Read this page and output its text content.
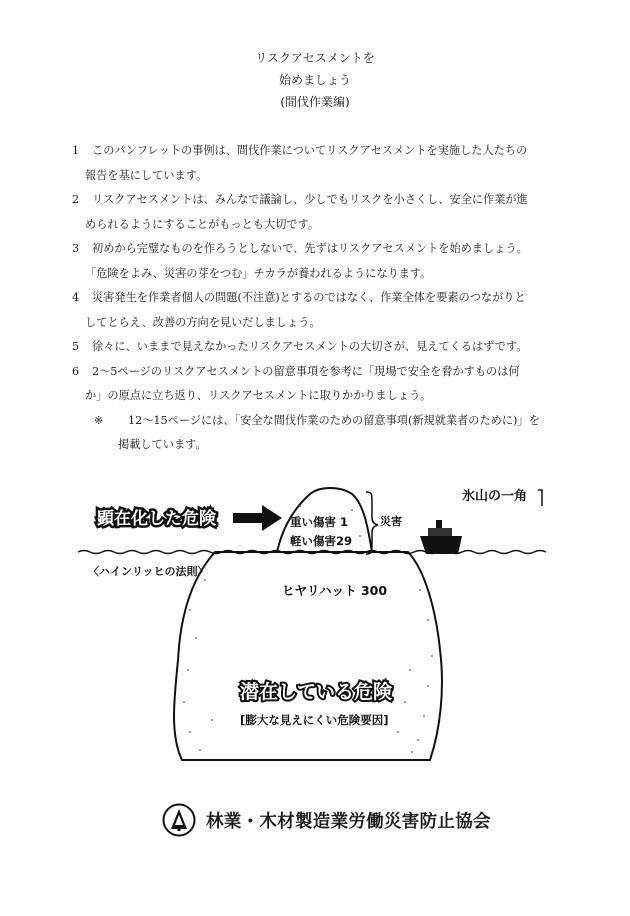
リスクアセスメントを
始めましょう
(間伐作業編)
1	このパンフレットの事例は、間伐作業についてリスクアセスメントを実施した人たちの
報告を基にしています。
2	リスクアセスメントは、みんなで議論し、少しでもリスクを小さくし、安全に作業が進
められるようにすることがもっとも大切です。
3	初めから完璧なものを作ろうとしないで、先ずはリスクアセスメントを始めましょう。
「危険をよみ、災害の芽をつむ」チカラが養われるようになります。
4	災害発生を作業者個人の問題(不注意)とするのではなく、作業全体を要素のつながりと
してとらえ、改善の方向を見いだしましょう。
5	徐々に、いままで見えなかったリスクアセスメントの大切さが、見えてくるはずです。
6	2〜5ページのリスクアセスメントの留意事項を参考に「現場で安全を脅かすものは何
か」の原点に立ち返り、リスクアセスメントに取りかかりましょう。
※	12〜15ページには、「安全な間伐作業のための留意事項(新規就業者のために)」を
掲載しています。
顕在化した危険	重い傷害 1
軽い傷害29
災害
氷山の一角
〈ハインリッヒの法則〉
ヒヤリハット 300
潜在している危険
[膨大な見えにくい危険要因]
林業・木材製造業労働災害防止協会
